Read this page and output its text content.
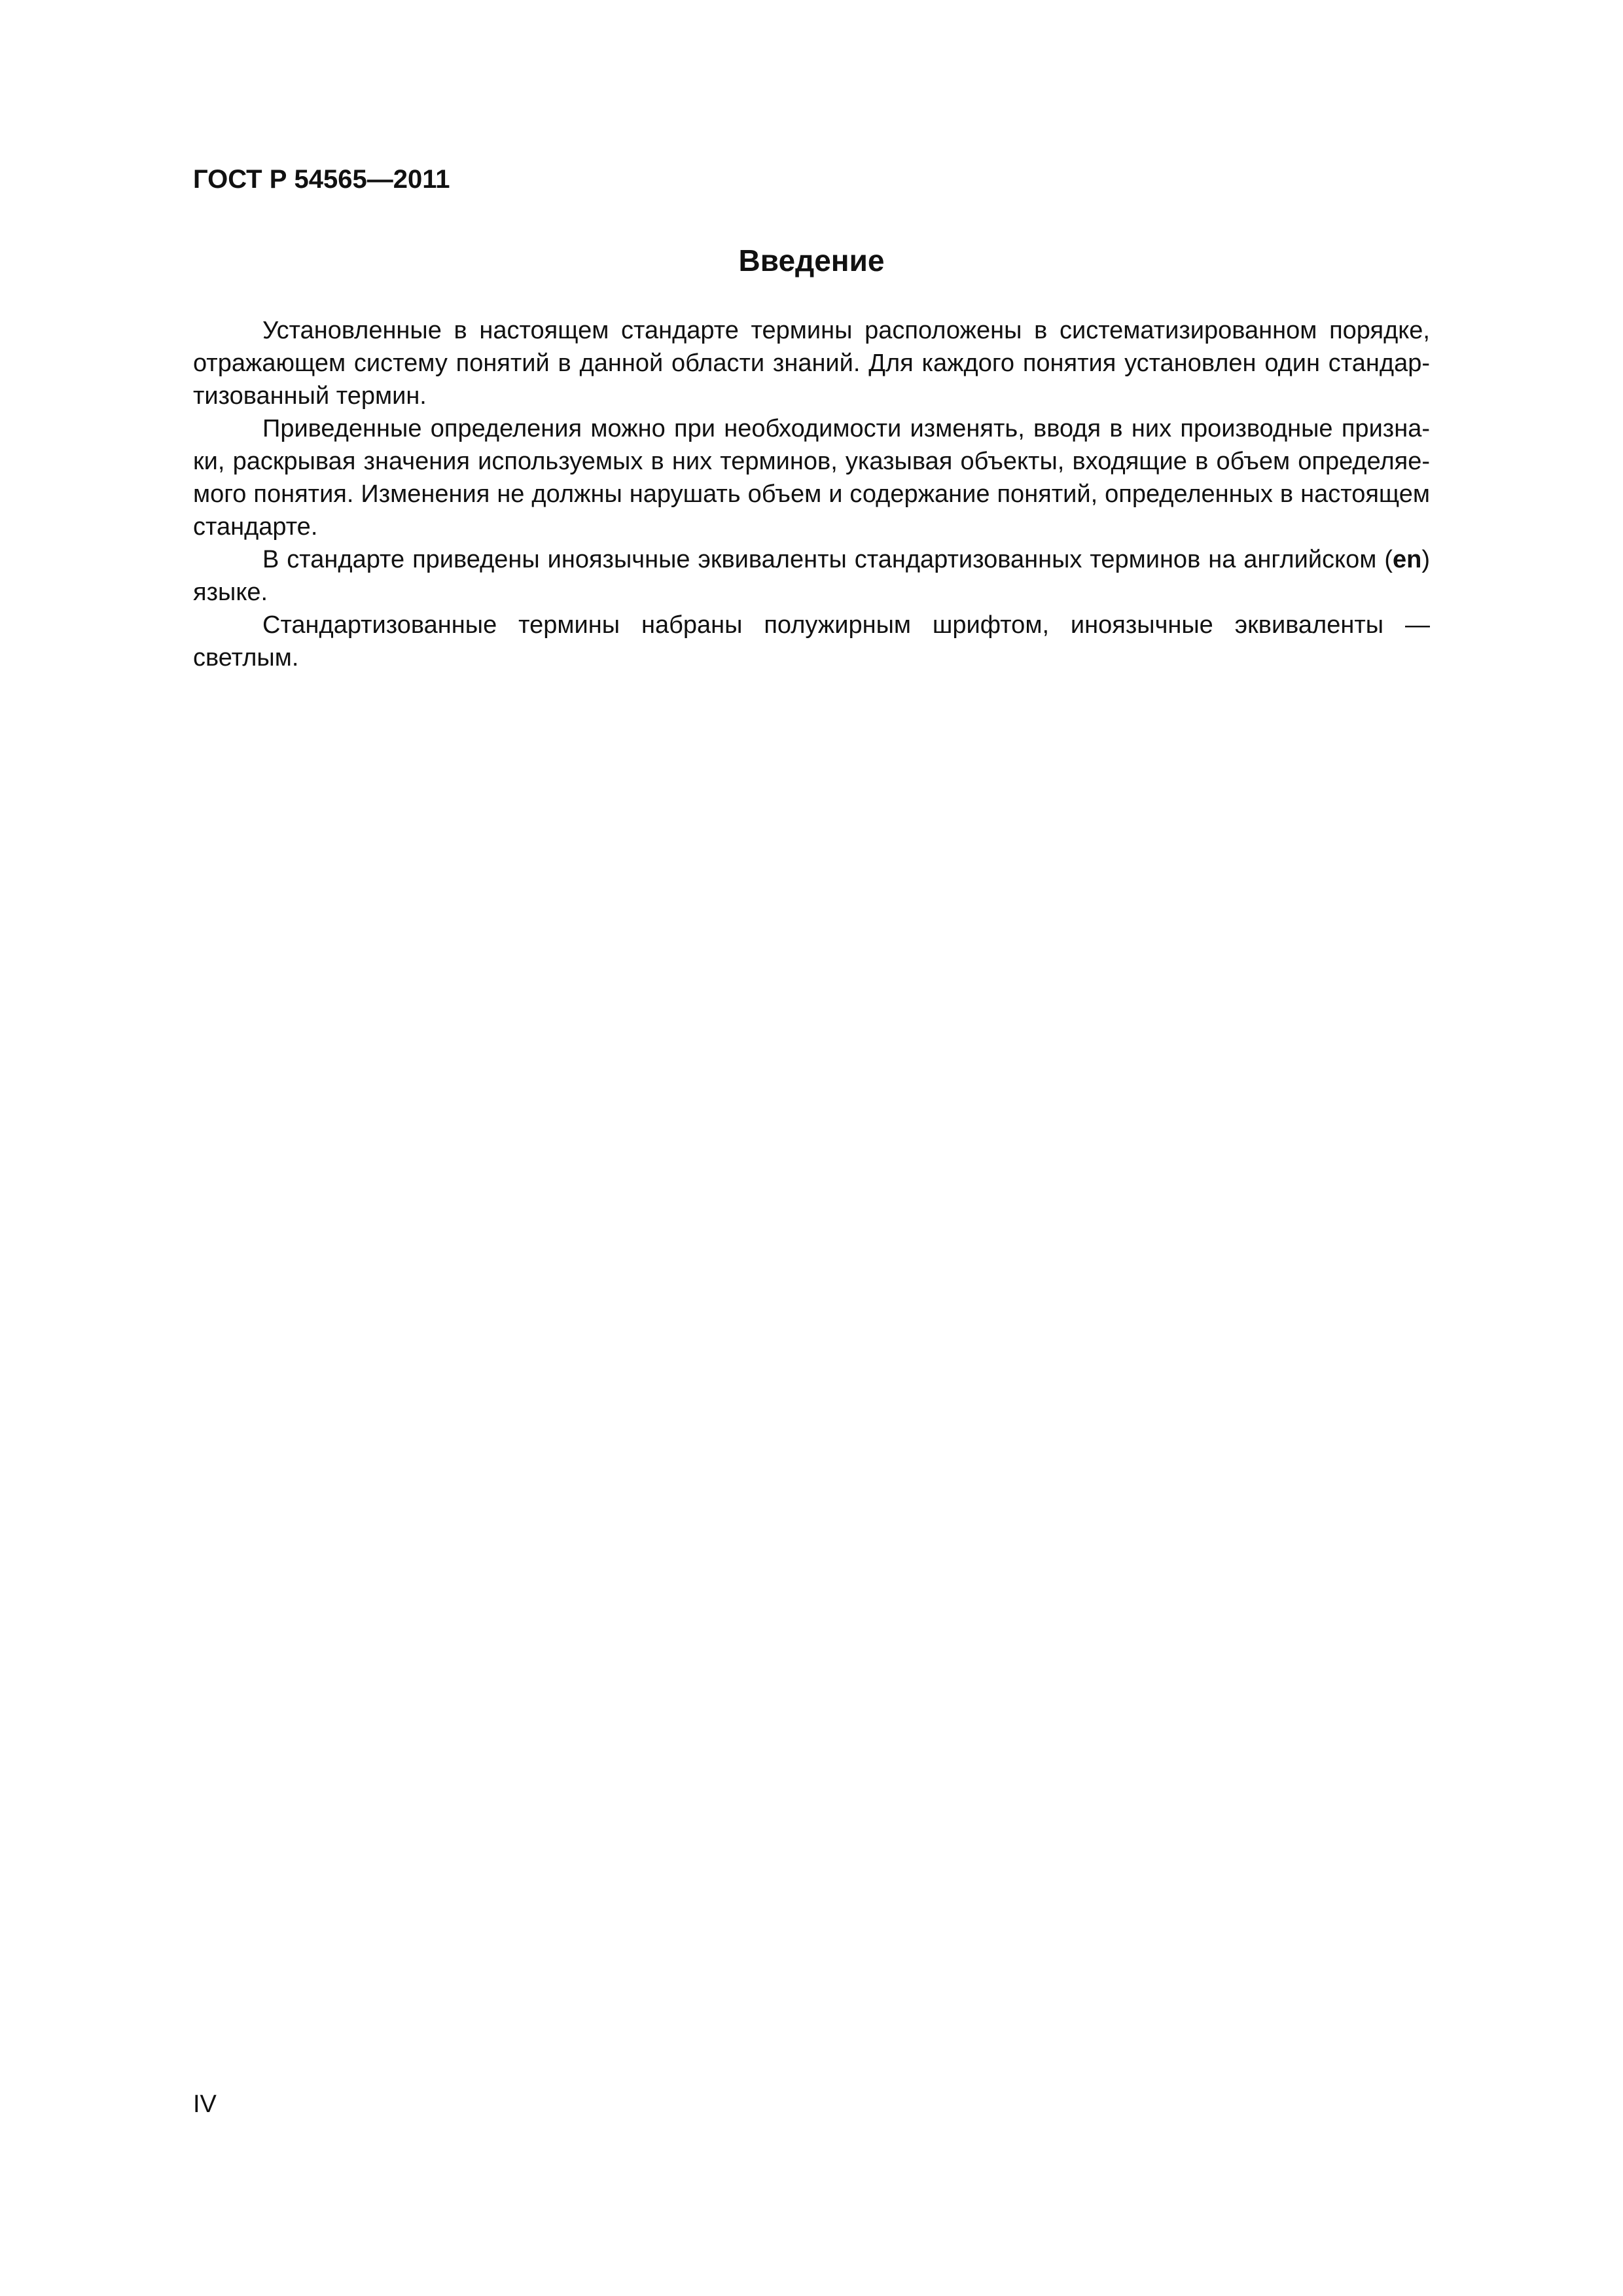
ГОСТ Р 54565—2011

Введение

Установленные в настоящем стандарте термины расположены в систематизированном порядке, отражающем систему понятий в данной области знаний. Для каждого понятия установлен один стандартизованный термин.

Приведенные определения можно при необходимости изменять, вводя в них производные признаки, раскрывая значения используемых в них терминов, указывая объекты, входящие в объем определяемого понятия. Изменения не должны нарушать объем и содержание понятий, определенных в настоящем стандарте.

В стандарте приведены иноязычные эквиваленты стандартизованных терминов на английском (en) языке.

Стандартизованные термины набраны полужирным шрифтом, иноязычные эквиваленты — светлым.

IV
